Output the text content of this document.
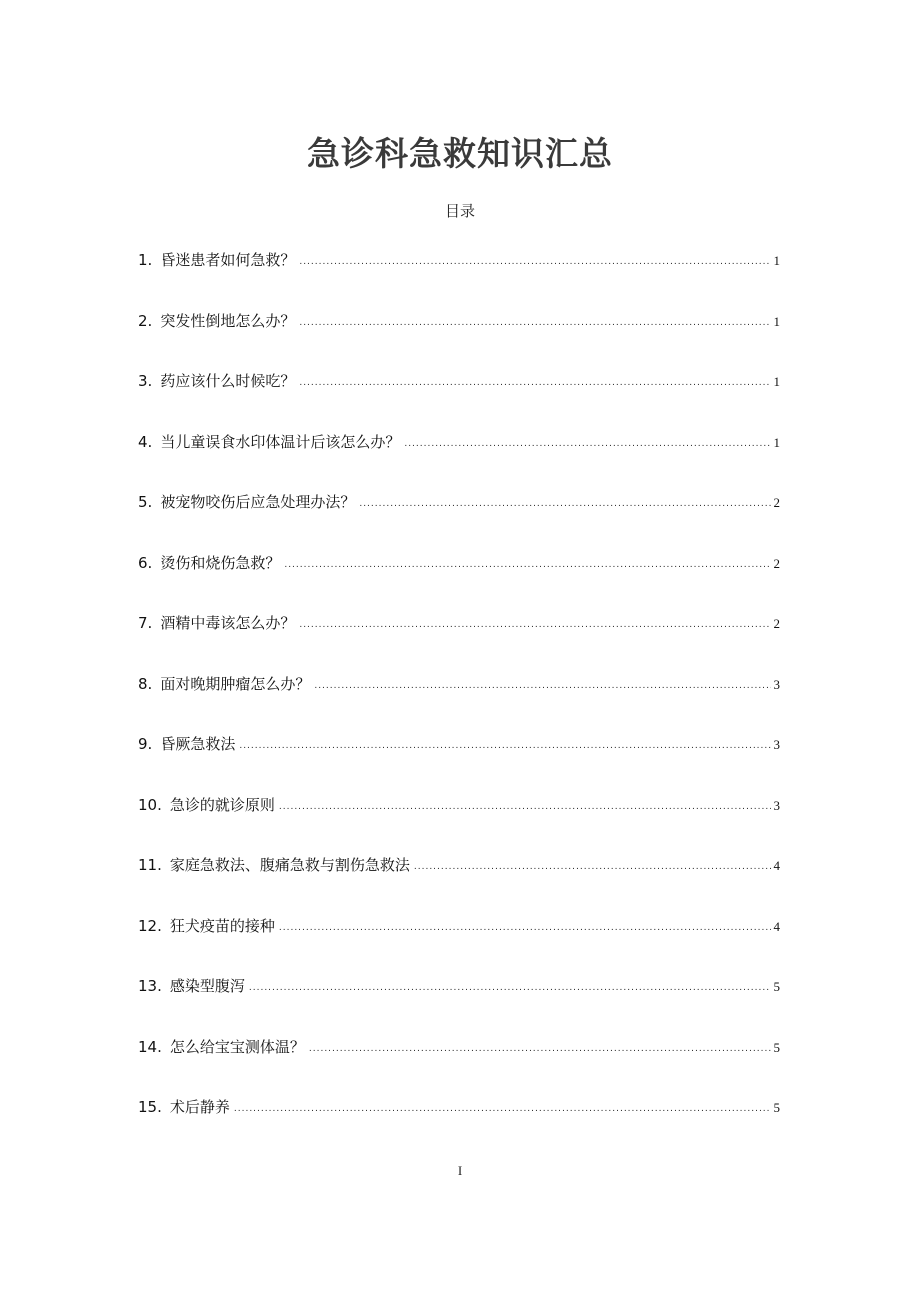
急诊科急救知识汇总
目录
1. 昏迷患者如何急救？ .....	1
2. 突发性倒地怎么办？ .....	1
3. 药应该什么时候吃？ .....	1
4. 当儿童误食水印体温计后该怎么办？ .....	1
5. 被宠物咬伤后应急处理办法？ .....	2
6. 烫伤和烧伤急救？ .....	2
7. 酒精中毒该怎么办？ .....	2
8. 面对晚期肿瘤怎么办？ .....	3
9. 昏厥急救法 .....	3
10. 急诊的就诊原则 .....	3
11. 家庭急救法、腹痛急救与割伤急救法 .....	4
12. 狂犬疫苗的接种 .....	4
13. 感染型腹泻 .....	5
14. 怎么给宝宝测体温？ .....	5
15. 术后静养 .....	5
I
